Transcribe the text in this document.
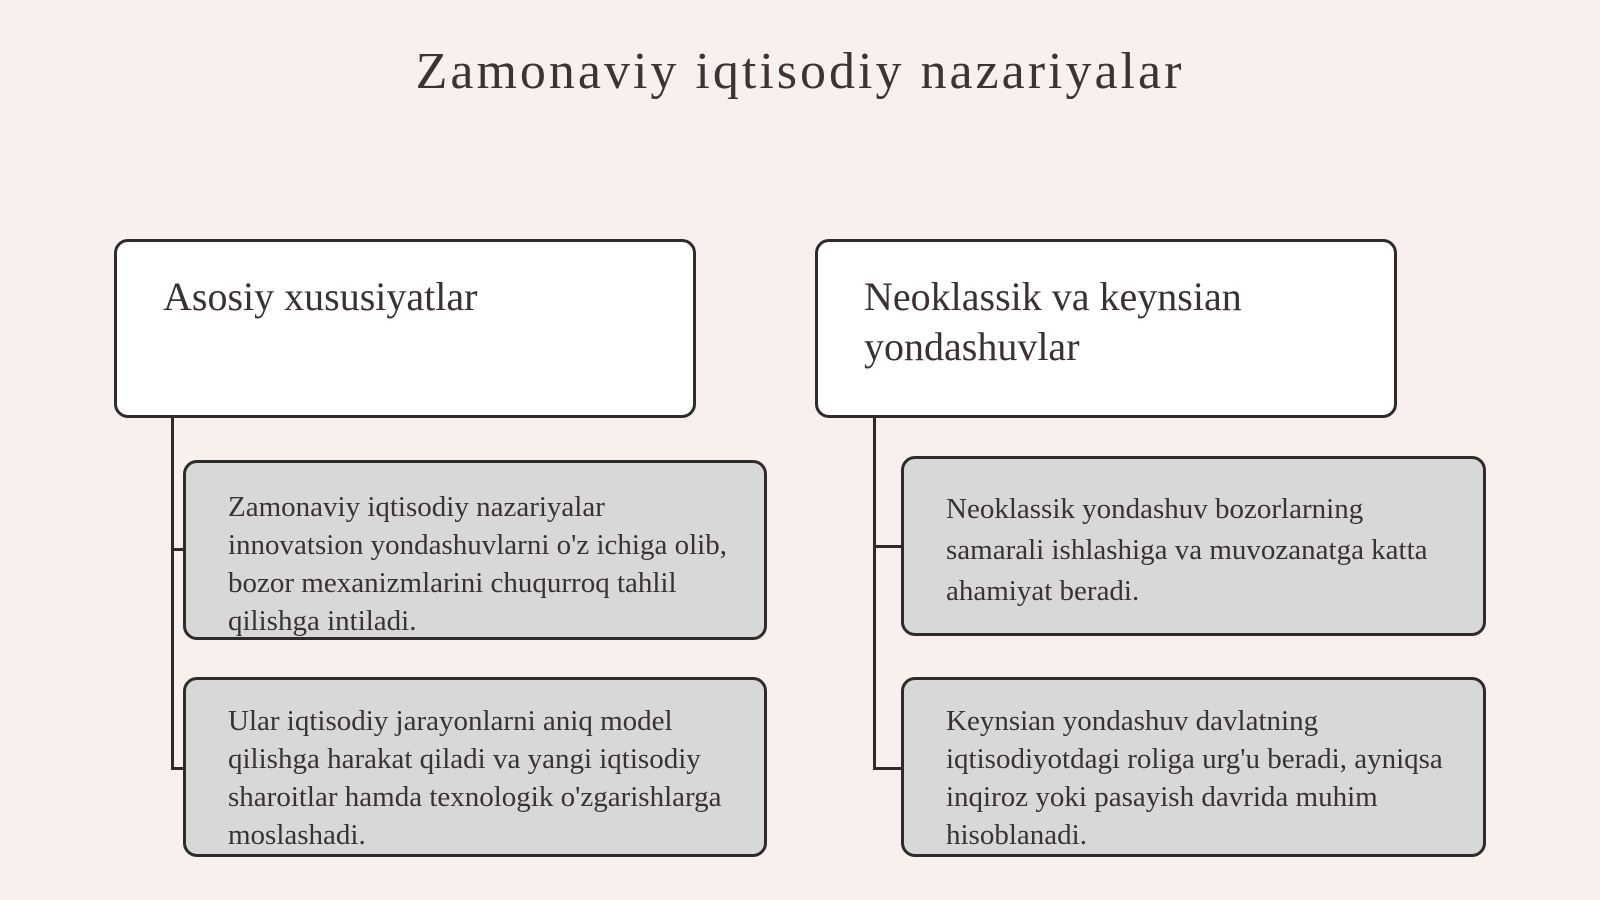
Zamonaviy iqtisodiy nazariyalar
Asosiy xususiyatlar	Neoklassik va keynsian yondashuvlar
Zamonaviy iqtisodiy nazariyalar innovatsion yondashuvlarni o'z ichiga olib, bozor mexanizmlarini chuqurroq tahlil qilishga intiladi.
Ular iqtisodiy jarayonlarni aniq model qilishga harakat qiladi va yangi iqtisodiy sharoitlar hamda texnologik o'zgarishlarga moslashadi.
Neoklassik yondashuv bozorlarning samarali ishlashiga va muvozanatga katta ahamiyat beradi.
Keynsian yondashuv davlatning iqtisodiyotdagi roliga urg'u beradi, ayniqsa inqiroz yoki pasayish davrida muhim hisoblanadi.
